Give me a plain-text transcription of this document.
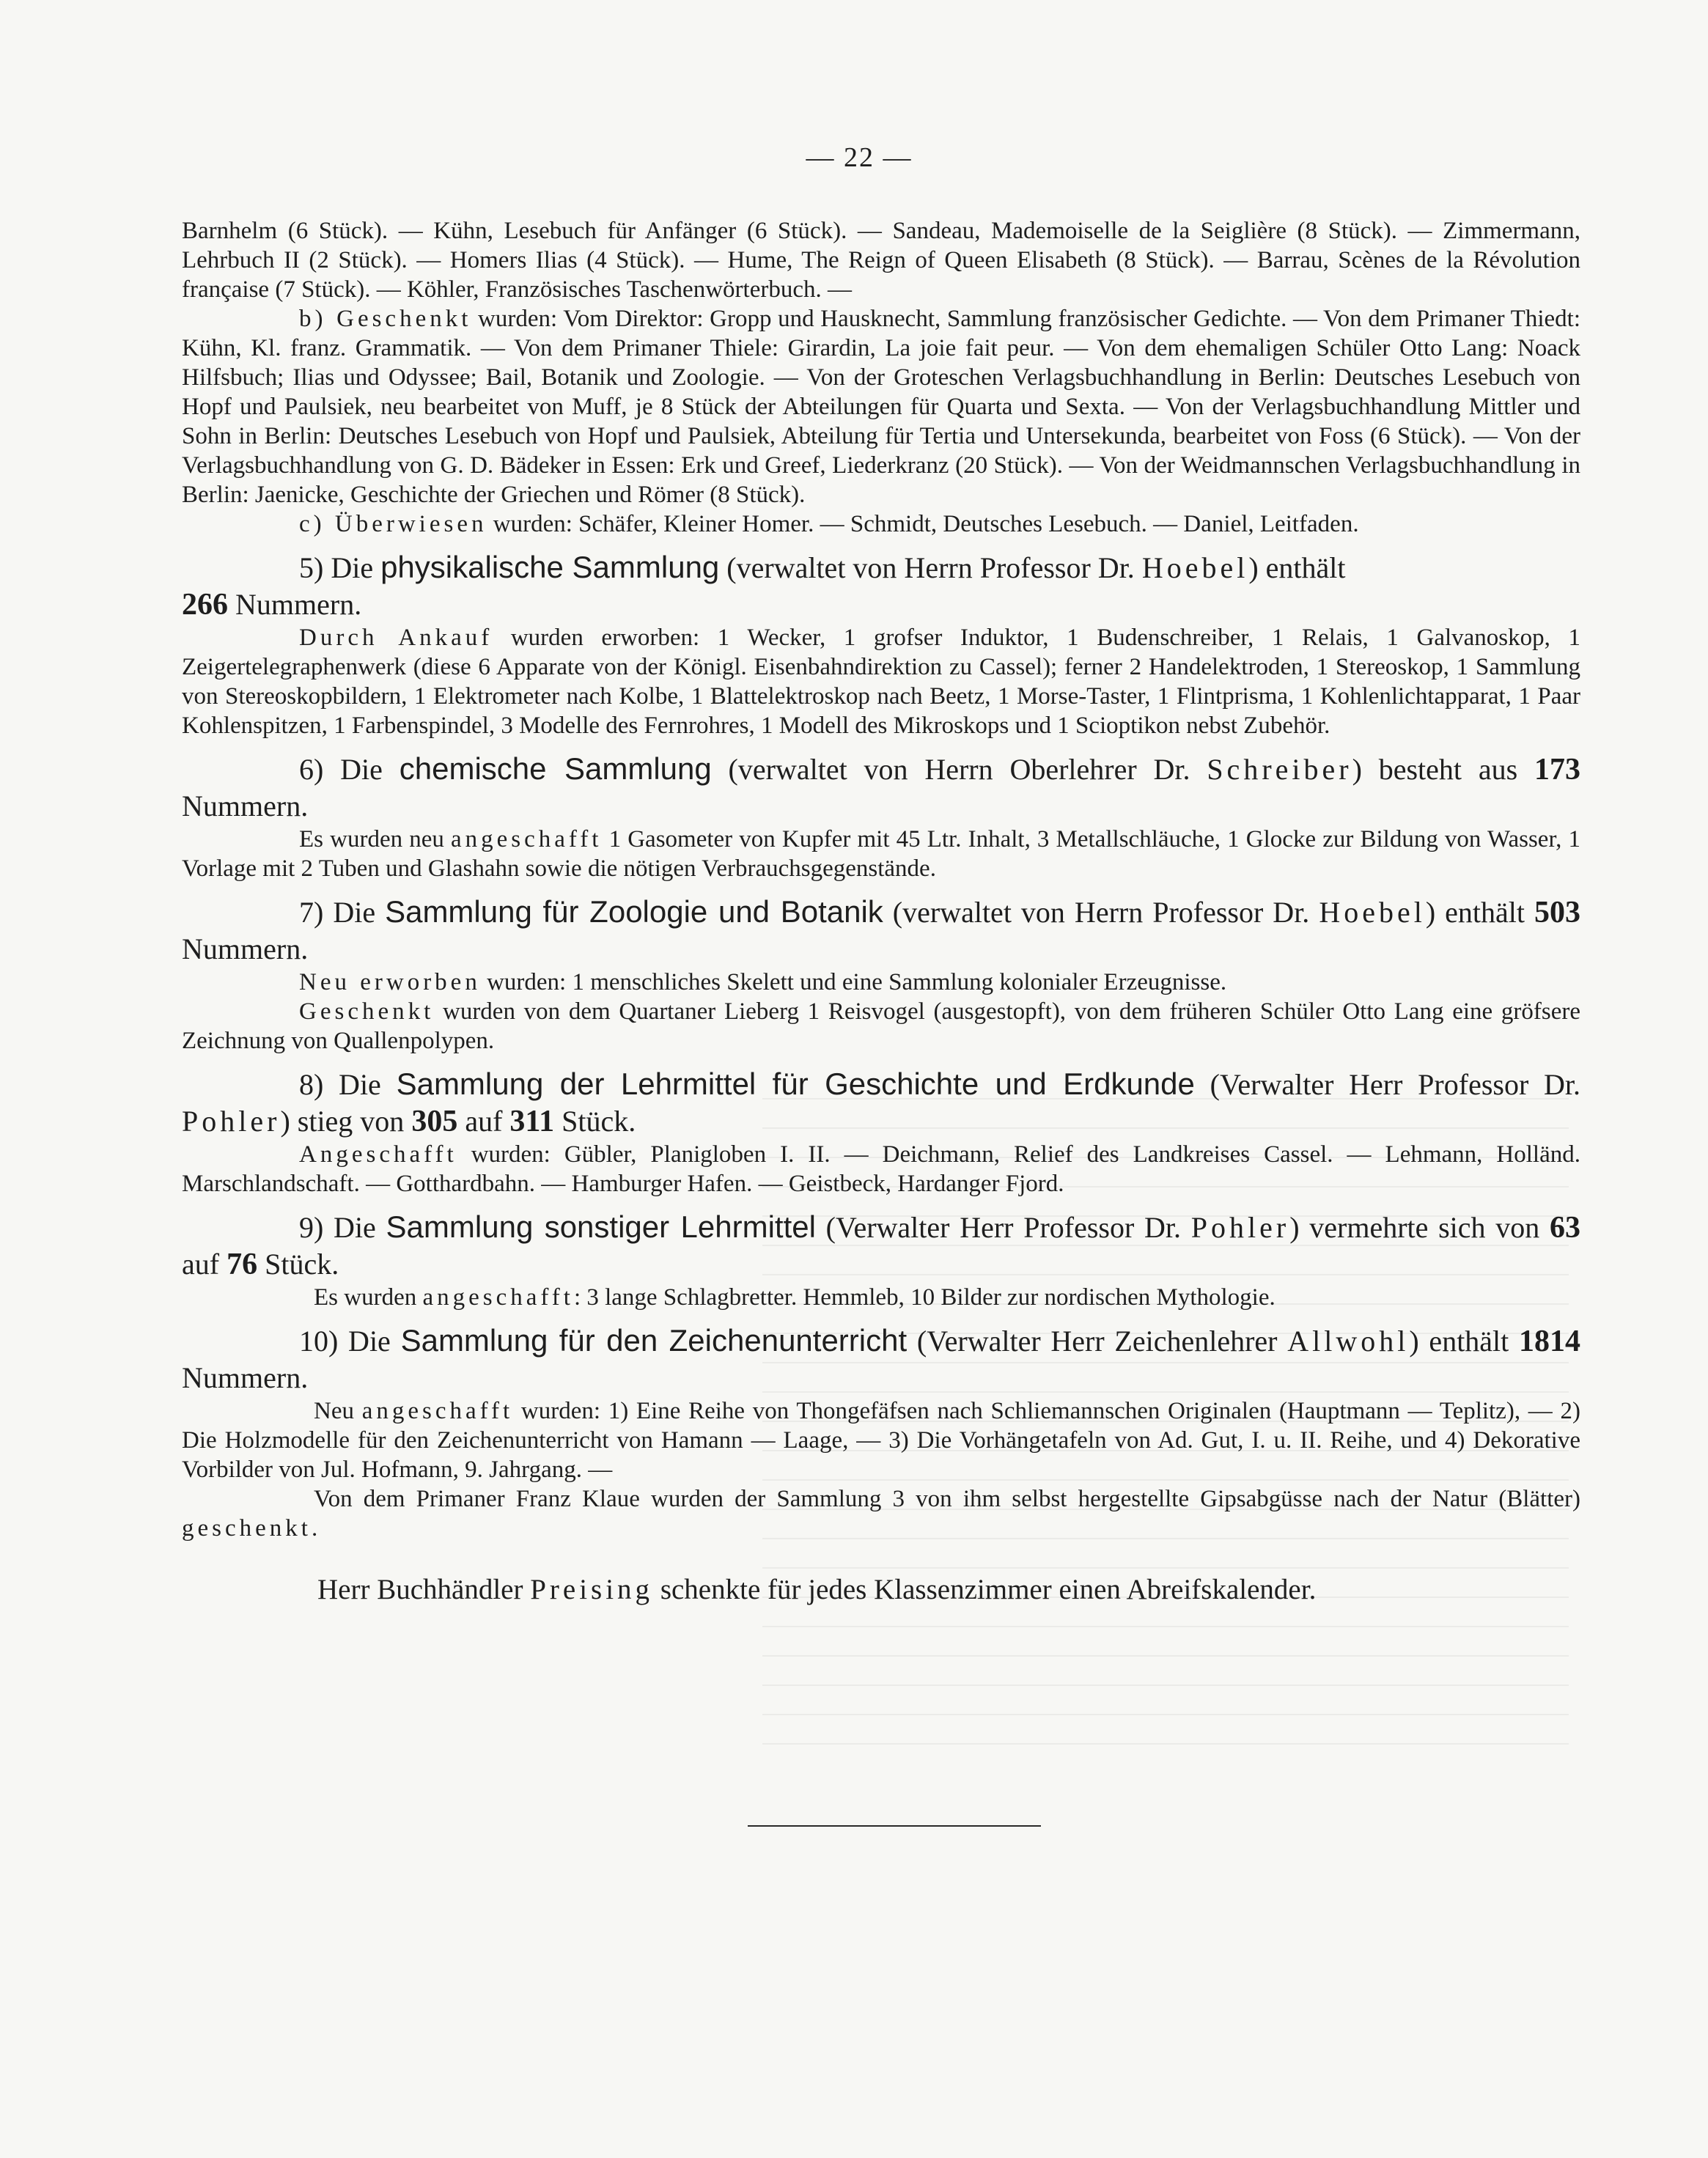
— 22 —

Barnhelm (6 Stück). — Kühn, Lesebuch für Anfänger (6 Stück). — Sandeau, Mademoiselle de la Seiglière (8 Stück). — Zimmermann, Lehrbuch II (2 Stück). — Homers Ilias (4 Stück). — Hume, The Reign of Queen Elisabeth (8 Stück). — Barrau, Scènes de la Révolution française (7 Stück). — Köhler, Französisches Taschenwörterbuch. —

b) Geschenkt wurden: Vom Direktor: Gropp und Hausknecht, Sammlung französischer Gedichte. — Von dem Primaner Thiedt: Kühn, Kl. franz. Grammatik. — Von dem Primaner Thiele: Girardin, La joie fait peur. — Von dem ehemaligen Schüler Otto Lang: Noack Hilfsbuch; Ilias und Odyssee; Bail, Botanik und Zoologie. — Von der Groteschen Verlagsbuchhandlung in Berlin: Deutsches Lesebuch von Hopf und Paulsiek, neu bearbeitet von Muff, je 8 Stück der Abteilungen für Quarta und Sexta. — Von der Verlagsbuchhandlung Mittler und Sohn in Berlin: Deutsches Lesebuch von Hopf und Paulsiek, Abteilung für Tertia und Untersekunda, bearbeitet von Foss (6 Stück). — Von der Verlagsbuchhandlung von G. D. Bädeker in Essen: Erk und Greef, Liederkranz (20 Stück). — Von der Weidmannschen Verlagsbuchhandlung in Berlin: Jaenicke, Geschichte der Griechen und Römer (8 Stück).

c) Überwiesen wurden: Schäfer, Kleiner Homer. — Schmidt, Deutsches Lesebuch. — Daniel, Leitfaden.

5) Die physikalische Sammlung (verwaltet von Herrn Professor Dr. Hoebel) enthält
266 Nummern.

Durch Ankauf wurden erworben: 1 Wecker, 1 grofser Induktor, 1 Budenschreiber, 1 Relais, 1 Galvanoskop, 1 Zeigertelegraphenwerk (diese 6 Apparate von der Königl. Eisenbahndirektion zu Cassel); ferner 2 Handelektroden, 1 Stereoskop, 1 Sammlung von Stereoskopbildern, 1 Elektrometer nach Kolbe, 1 Blattelektroskop nach Beetz, 1 Morse-Taster, 1 Flintprisma, 1 Kohlenlichtapparat, 1 Paar Kohlenspitzen, 1 Farbenspindel, 3 Modelle des Fernrohres, 1 Modell des Mikroskops und 1 Scioptikon nebst Zubehör.

6) Die chemische Sammlung (verwaltet von Herrn Oberlehrer Dr. Schreiber) besteht aus 173 Nummern.

Es wurden neu angeschafft 1 Gasometer von Kupfer mit 45 Ltr. Inhalt, 3 Metallschläuche, 1 Glocke zur Bildung von Wasser, 1 Vorlage mit 2 Tuben und Glashahn sowie die nötigen Verbrauchsgegenstände.

7) Die Sammlung für Zoologie und Botanik (verwaltet von Herrn Professor Dr. Hoebel) enthält 503 Nummern.

Neu erworben wurden: 1 menschliches Skelett und eine Sammlung kolonialer Erzeugnisse.

Geschenkt wurden von dem Quartaner Lieberg 1 Reisvogel (ausgestopft), von dem früheren Schüler Otto Lang eine gröfsere Zeichnung von Quallenpolypen.

8) Die Sammlung der Lehrmittel für Geschichte und Erdkunde (Verwalter Herr Professor Dr. Pohler) stieg von 305 auf 311 Stück.

Angeschafft wurden: Gübler, Planigloben I. II. — Deichmann, Relief des Landkreises Cassel. — Lehmann, Holländ. Marschlandschaft. — Gotthardbahn. — Hamburger Hafen. — Geistbeck, Hardanger Fjord.

9) Die Sammlung sonstiger Lehrmittel (Verwalter Herr Professor Dr. Pohler) vermehrte sich von 63 auf 76 Stück.

Es wurden angeschafft: 3 lange Schlagbretter. Hemmleb, 10 Bilder zur nordischen Mythologie.

10) Die Sammlung für den Zeichenunterricht (Verwalter Herr Zeichenlehrer Allwohl) enthält 1814 Nummern.

Neu angeschafft wurden: 1) Eine Reihe von Thongefäfsen nach Schliemannschen Originalen (Hauptmann — Teplitz), — 2) Die Holzmodelle für den Zeichenunterricht von Hamann — Laage, — 3) Die Vorhängetafeln von Ad. Gut, I. u. II. Reihe, und 4) Dekorative Vorbilder von Jul. Hofmann, 9. Jahrgang. —

Von dem Primaner Franz Klaue wurden der Sammlung 3 von ihm selbst hergestellte Gipsabgüsse nach der Natur (Blätter) geschenkt.

Herr Buchhändler Preising schenkte für jedes Klassenzimmer einen Abreifskalender.
